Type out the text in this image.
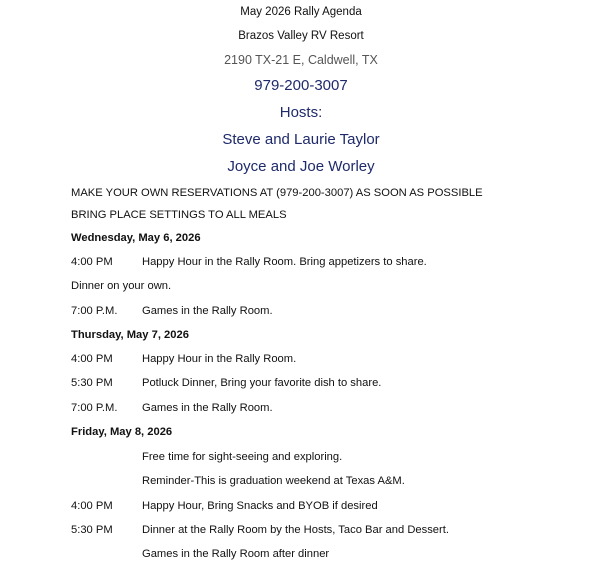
May 2026 Rally Agenda
Brazos Valley RV Resort
2190 TX-21 E, Caldwell, TX
979-200-3007
Hosts:
Steve and Laurie Taylor
Joyce and Joe Worley
MAKE YOUR OWN RESERVATIONS AT (979-200-3007) AS SOON AS POSSIBLE
BRING PLACE SETTINGS TO ALL MEALS
Wednesday, May 6, 2026
4:00 PM	Happy Hour in the Rally Room. Bring appetizers to share.
Dinner on your own.
7:00 P.M. Games in the Rally Room.
Thursday, May 7, 2026
4:00 PM	Happy Hour in the Rally Room.
5:30 PM	Potluck Dinner, Bring your favorite dish to share.
7:00 P.M. Games in the Rally Room.
Friday, May 8, 2026
Free time for sight-seeing and exploring.
Reminder-This is graduation weekend at Texas A&M.
4:00 PM	Happy Hour, Bring Snacks and BYOB if desired
5:30 PM	Dinner at the Rally Room by the Hosts, Taco Bar and Dessert.
Games in the Rally Room after dinner
